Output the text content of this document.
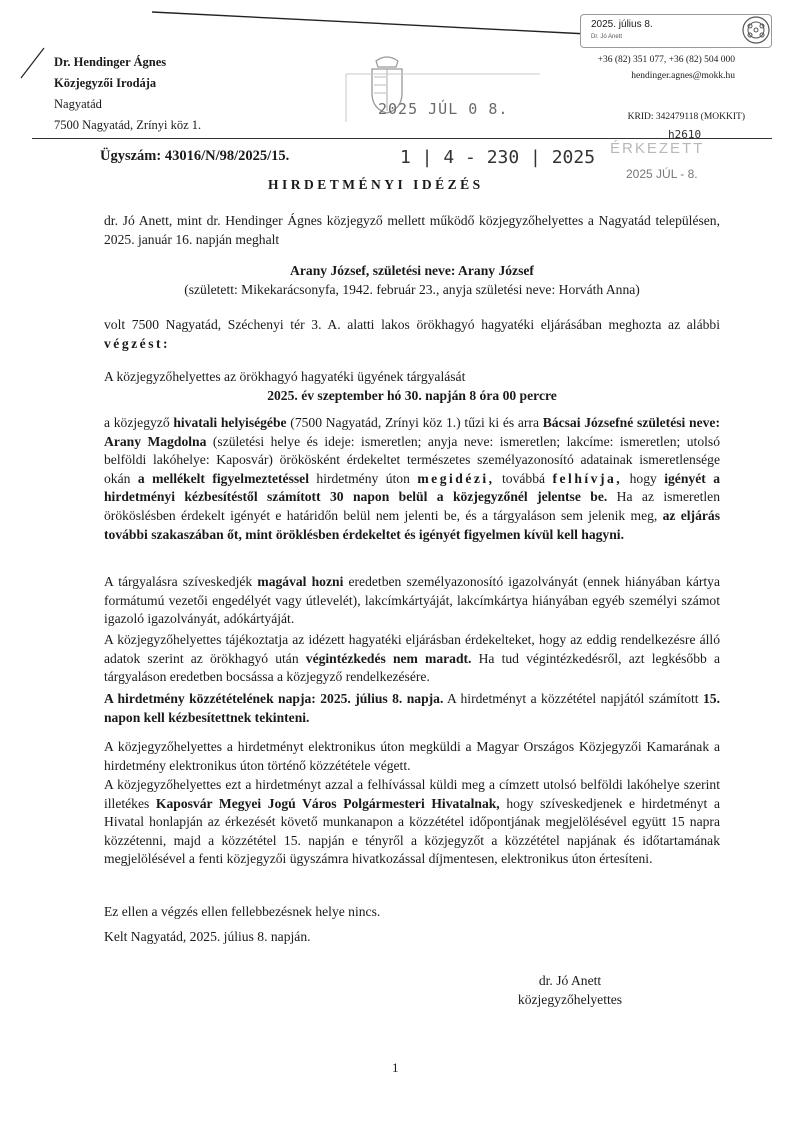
Dr. Hendinger Ágnes
Közjegyzői Irodája
Nagyatád
7500 Nagyatád, Zrínyi köz 1.
2025 JÚL 0 8.
2025. július 8.
Dr. Jó Anett
+36 (82) 351 077, +36 (82) 504 000
hendinger.agnes@mokk.hu
KRID: 342479118 (MOKKIT)
Ügyszám: 43016/N/98/2025/15.	1 | 4 - 230 | 2025
h2610
ÉRKEZETT
2025 JÚL - 8.
HIRDETMÉNYI IDÉZÉS
dr. Jó Anett, mint dr. Hendinger Ágnes közjegyző mellett működő közjegyzőhelyettes a Nagyatád településen, 2025. január 16. napján meghalt
Arany József, születési neve: Arany József
(született: Mikekarácsonyfa, 1942. február 23., anyja születési neve: Horváth Anna)
volt 7500 Nagyatád, Széchenyi tér 3. A. alatti lakos örökhagyó hagyatéki eljárásában meghozta az alábbi végzést:
A közjegyzőhelyettes az örökhagyó hagyatéki ügyének tárgyalását
2025. év szeptember hó 30. napján 8 óra 00 percre
a közjegyző hivatali helyiségébe (7500 Nagyatád, Zrínyi köz 1.) tűzi ki és arra Bácsai Józsefné születési neve: Arany Magdolna (születési helye és ideje: ismeretlen; anyja neve: ismeretlen; lakcíme: ismeretlen; utolsó belföldi lakóhelye: Kaposvár) örökösként érdekeltet természetes személyazonosító adatainak ismeretlensége okán a mellékelt figyelmeztetéssel hirdetmény úton megidézi, továbbá felhívja, hogy igényét a hirdetményi kézbesítéstől számított 30 napon belül a közjegyzőnél jelentse be. Ha az ismeretlen örököslésben érdekelt igényét e határidőn belül nem jelenti be, és a tárgyaláson sem jelenik meg, az eljárás további szakaszában őt, mint öröklésben érdekeltet és igényét figyelmen kívül kell hagyni.
A tárgyalásra szíveskedjék magával hozni eredetben személyazonosító igazolványát (ennek hiányában kártya formátumú vezetői engedélyét vagy útlevelét), lakcímkártyáját, lakcímkártya hiányában egyéb személyi számot igazoló igazolványát, adókártyáját.
A közjegyzőhelyettes tájékoztatja az idézett hagyatéki eljárásban érdekelteket, hogy az eddig rendelkezésre álló adatok szerint az örökhagyó után végintézkedés nem maradt. Ha tud végintézkedésről, azt legkésőbb a tárgyaláson eredetben bocsássa a közjegyző rendelkezésére.
A hirdetmény közzétételének napja: 2025. július 8. napja. A hirdetményt a közzététel napjától számított 15. napon kell kézbesítettnek tekinteni.
A közjegyzőhelyettes a hirdetményt elektronikus úton megküldi a Magyar Országos Közjegyzői Kamarának a hirdetmény elektronikus úton történő közzététele végett.
A közjegyzőhelyettes ezt a hirdetményt azzal a felhívással küldi meg a címzett utolsó belföldi lakóhelye szerint illetékes Kaposvár Megyei Jogú Város Polgármesteri Hivatalnak, hogy szíveskedjenek e hirdetményt a Hivatal honlapján az érkezését követő munkanapon a közzététel időpontjának megjelölésével együtt 15 napra közzétenni, majd a közzététel 15. napján e tényről a közjegyzőt a közzététel napjának és időtartamának megjelölésével a fenti közjegyzői ügyszámra hivatkozással díjmentesen, elektronikus úton értesíteni.
Ez ellen a végzés ellen fellebbezésnek helye nincs.
Kelt Nagyatád, 2025. július 8. napján.
dr. Jó Anett
közjegyzőhelyettes
1
